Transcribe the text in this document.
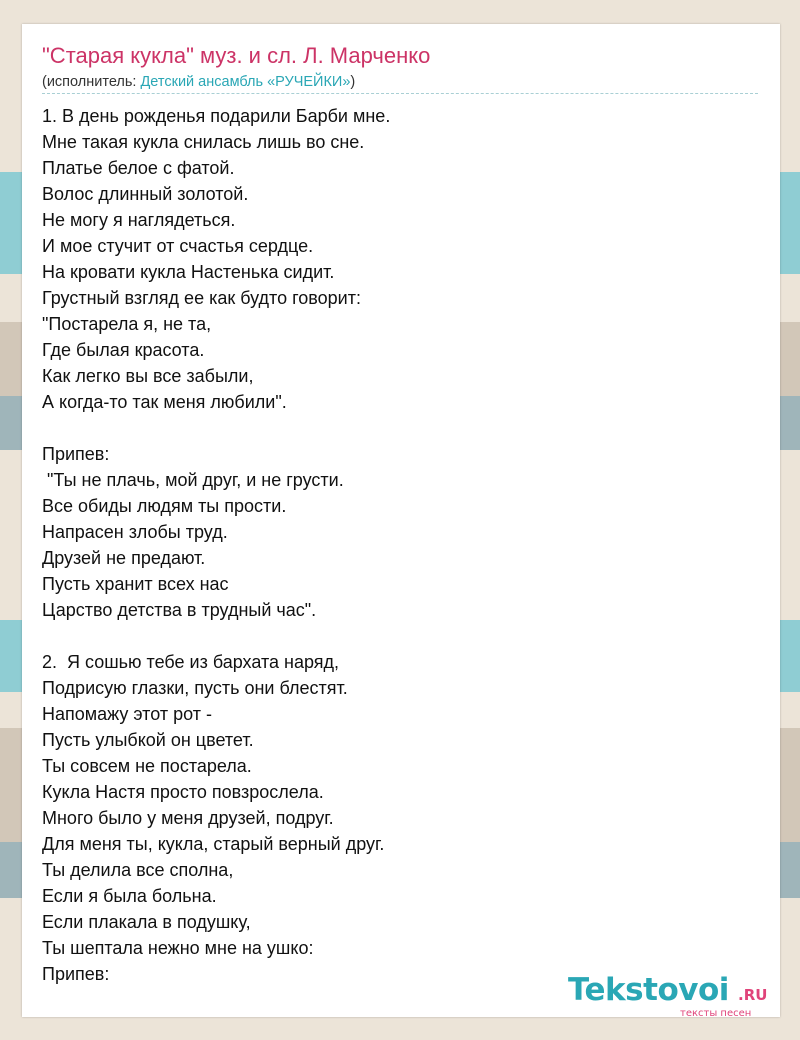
"Старая кукла" муз. и сл. Л. Марченко
(исполнитель: Детский ансамбль «РУЧЕЙКИ»)
1. В день рожденья подарили Барби мне.
Мне такая кукла снилась лишь во сне.
Платье белое с фатой.
Волос длинный золотой.
Не могу я наглядеться.
И мое стучит от счастья сердце.
На кровати кукла Настенька сидит.
Грустный взгляд ее как будто говорит:
"Постарела я, не та,
Где былая красота.
Как легко вы все забыли,
А когда-то так меня любили".
Припев:
"Ты не плачь, мой друг, и не грусти.
Все обиды людям ты прости.
Напрасен злобы труд.
Друзей не предают.
Пусть хранит всех нас
Царство детства в трудный час".
2.  Я сошью тебе из бархата наряд,
Подрисую глазки, пусть они блестят.
Напомажу этот рот -
Пусть улыбкой он цветет.
Ты совсем не постарела.
Кукла Настя просто повзрослела.
Много было у меня друзей, подруг.
Для меня ты, кукла, старый верный друг.
Ты делила все сполна,
Если я была больна.
Если плакала в подушку,
Ты шептала нежно мне на ушко:
Припев:	Tekstovoi .RU
тексты песен
